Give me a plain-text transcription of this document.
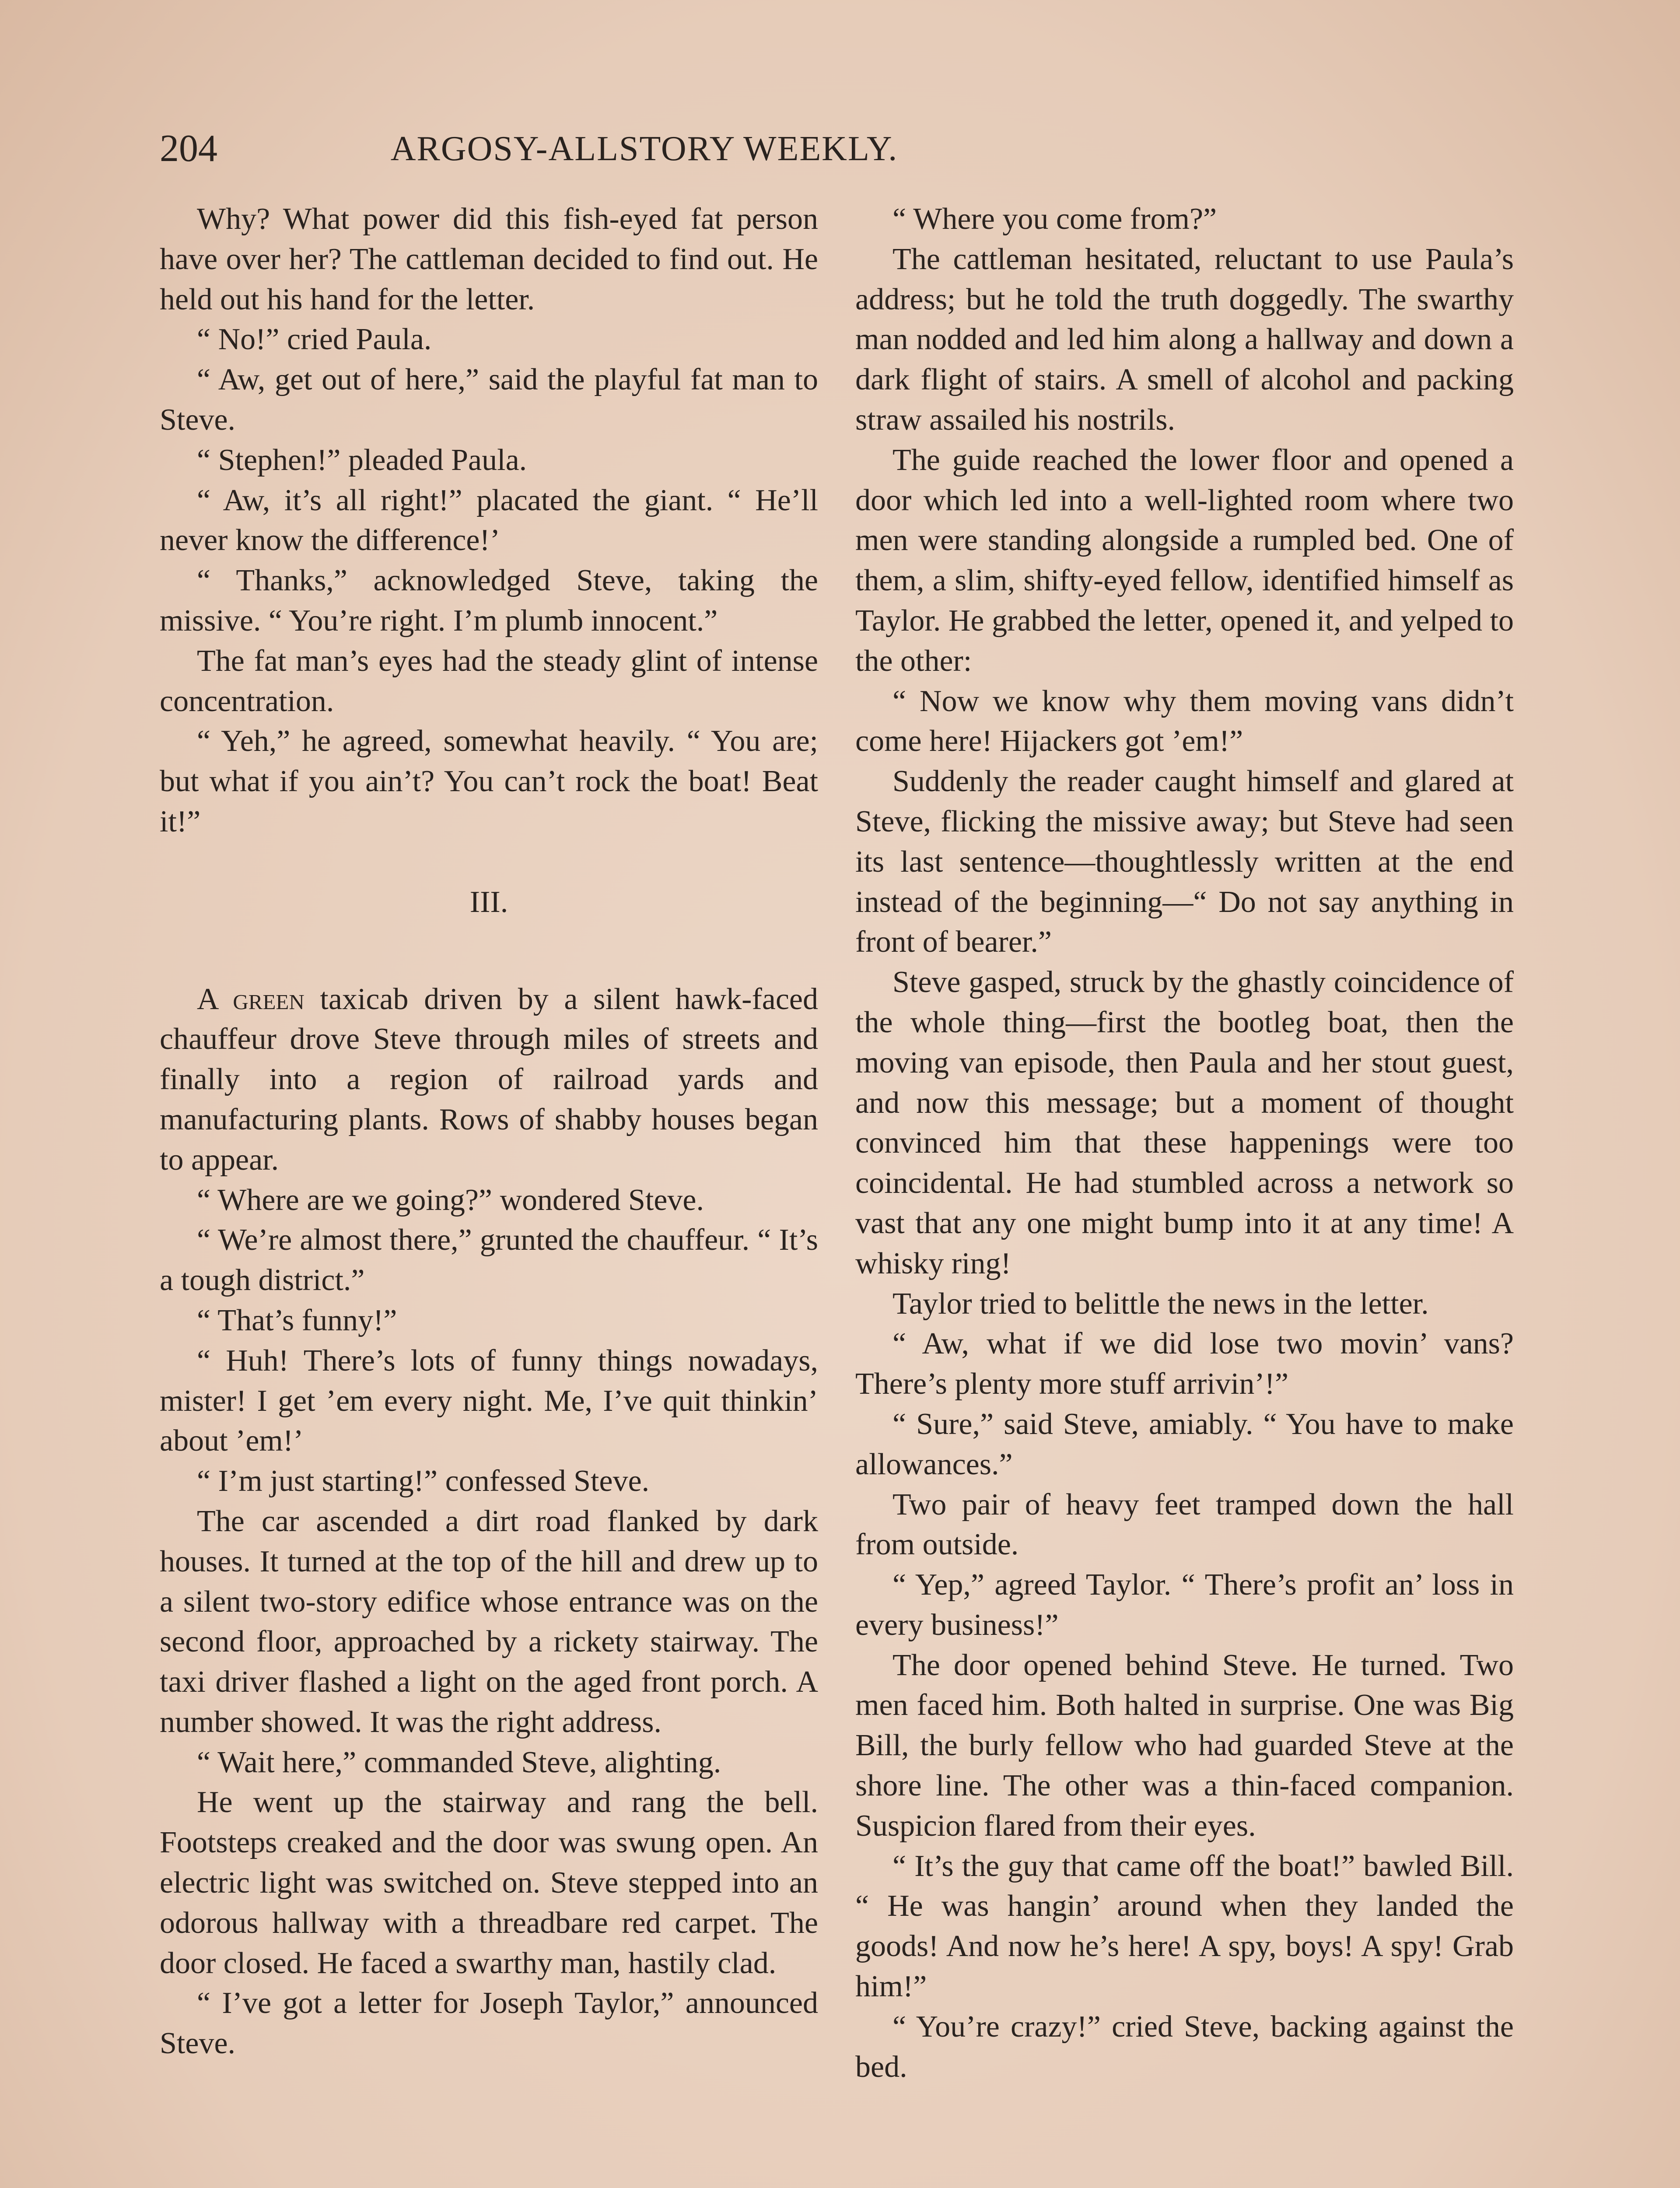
204	ARGOSY-ALLSTORY WEEKLY.

Why? What power did this fish-eyed fat person have over her? The cattleman decided to find out. He held out his hand for the letter.

“ No!” cried Paula.

“ Aw, get out of here,” said the playful fat man to Steve.

“ Stephen!” pleaded Paula.

“ Aw, it’s all right!” placated the giant. “ He’ll never know the difference!’

“ Thanks,” acknowledged Steve, taking the missive. “ You’re right. I’m plumb innocent.”

The fat man’s eyes had the steady glint of intense concentration.

“ Yeh,” he agreed, somewhat heavily. “ You are; but what if you ain’t? You can’t rock the boat! Beat it!”

III.

A green taxicab driven by a silent hawk-faced chauffeur drove Steve through miles of streets and finally into a region of railroad yards and manufacturing plants. Rows of shabby houses began to appear.

“ Where are we going?” wondered Steve.

“ We’re almost there,” grunted the chauffeur. “ It’s a tough district.”

“ That’s funny!”

“ Huh! There’s lots of funny things nowadays, mister! I get ’em every night. Me, I’ve quit thinkin’ about ’em!’

“ I’m just starting!” confessed Steve.

The car ascended a dirt road flanked by dark houses. It turned at the top of the hill and drew up to a silent two-story edifice whose entrance was on the second floor, approached by a rickety stairway. The taxi driver flashed a light on the aged front porch. A number showed. It was the right address.

“ Wait here,” commanded Steve, alighting.

He went up the stairway and rang the bell. Footsteps creaked and the door was swung open. An electric light was switched on. Steve stepped into an odorous hallway with a threadbare red carpet. The door closed. He faced a swarthy man, hastily clad.

“ I’ve got a letter for Joseph Taylor,” announced Steve.

“ Where you come from?”

The cattleman hesitated, reluctant to use Paula’s address; but he told the truth doggedly. The swarthy man nodded and led him along a hallway and down a dark flight of stairs. A smell of alcohol and packing straw assailed his nostrils.

The guide reached the lower floor and opened a door which led into a well-lighted room where two men were standing alongside a rumpled bed. One of them, a slim, shifty-eyed fellow, identified himself as Taylor. He grabbed the letter, opened it, and yelped to the other:

“ Now we know why them moving vans didn’t come here! Hijackers got ’em!”

Suddenly the reader caught himself and glared at Steve, flicking the missive away; but Steve had seen its last sentence—thoughtlessly written at the end instead of the beginning—“ Do not say anything in front of bearer.”

Steve gasped, struck by the ghastly coincidence of the whole thing—first the bootleg boat, then the moving van episode, then Paula and her stout guest, and now this message; but a moment of thought convinced him that these happenings were too coincidental. He had stumbled across a network so vast that any one might bump into it at any time! A whisky ring!

Taylor tried to belittle the news in the letter.

“ Aw, what if we did lose two movin’ vans? There’s plenty more stuff arrivin’!”

“ Sure,” said Steve, amiably. “ You have to make allowances.”

Two pair of heavy feet tramped down the hall from outside.

“ Yep,” agreed Taylor. “ There’s profit an’ loss in every business!”

The door opened behind Steve. He turned. Two men faced him. Both halted in surprise. One was Big Bill, the burly fellow who had guarded Steve at the shore line. The other was a thin-faced companion. Suspicion flared from their eyes.

“ It’s the guy that came off the boat!” bawled Bill. “ He was hangin’ around when they landed the goods! And now he’s here! A spy, boys! A spy! Grab him!”

“ You’re crazy!” cried Steve, backing against the bed.
